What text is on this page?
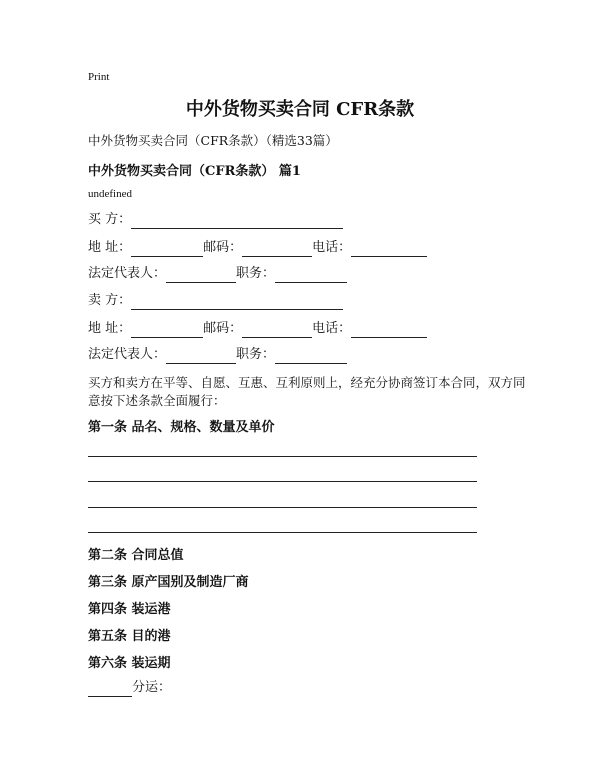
Print
中外货物买卖合同 CFR条款
中外货物买卖合同（CFR条款）（精选33篇）
中外货物买卖合同（CFR条款） 篇1
undefined
买 方：
地 址：	邮码：	电话：
法定代表人：	职务：
卖 方：
地 址：	邮码：	电话：
法定代表人：	职务：
买方和卖方在平等、自愿、互惠、互利原则上，经充分协商签订本合同，双方同意按下述条款全面履行：
第一条 品名、规格、数量及单价
第二条 合同总值
第三条 原产国别及制造厂商
第四条 装运港
第五条 目的港
第六条 装运期
分运：
